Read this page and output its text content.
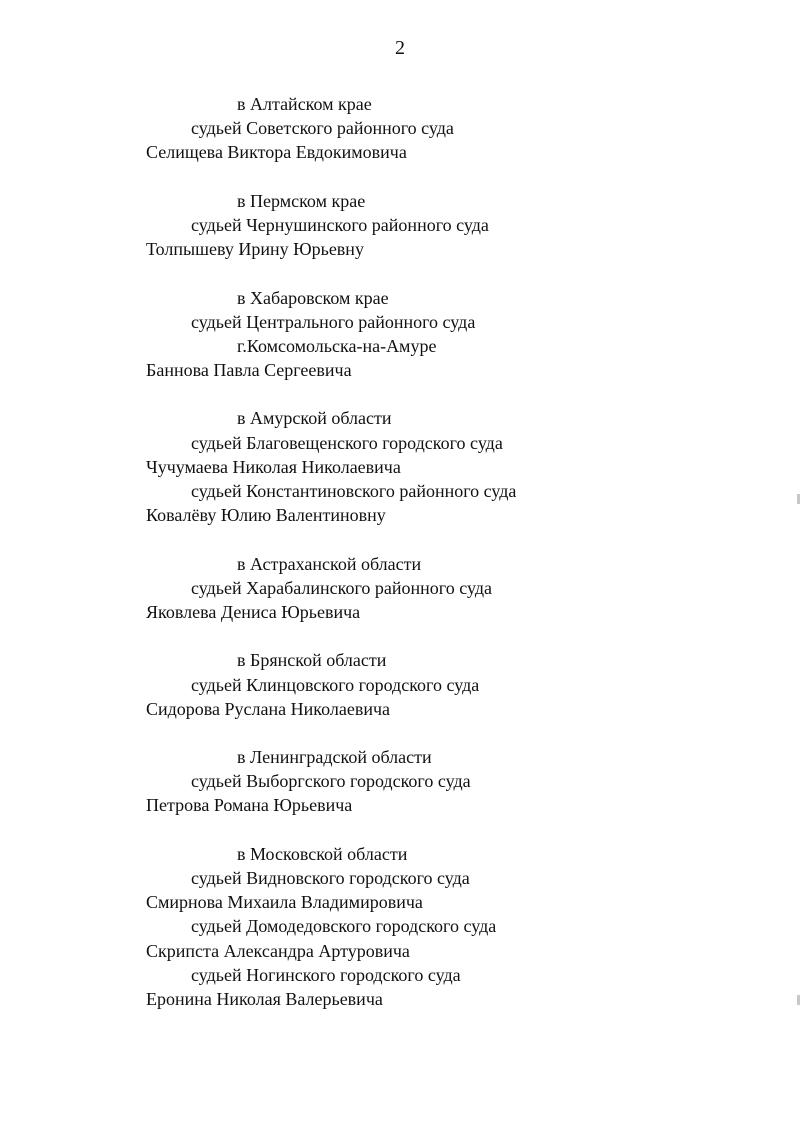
2
в Алтайском крае
судьей Советского районного суда
Селищева Виктора Евдокимовича
в Пермском крае
судьей Чернушинского районного суда
Толпышеву Ирину Юрьевну
в Хабаровском крае
судьей Центрального районного суда
г.Комсомольска-на-Амуре
Баннова Павла Сергеевича
в Амурской области
судьей Благовещенского городского суда
Чучумаева Николая Николаевича
судьей Константиновского районного суда
Ковалёву Юлию Валентиновну
в Астраханской области
судьей Харабалинского районного суда
Яковлева Дениса Юрьевича
в Брянской области
судьей Клинцовского городского суда
Сидорова Руслана Николаевича
в Ленинградской области
судьей Выборгского городского суда
Петрова Романа Юрьевича
в Московской области
судьей Видновского городского суда
Смирнова Михаила Владимировича
судьей Домодедовского городского суда
Скрипста Александра Артуровича
судьей Ногинского городского суда
Еронина Николая Валерьевича
